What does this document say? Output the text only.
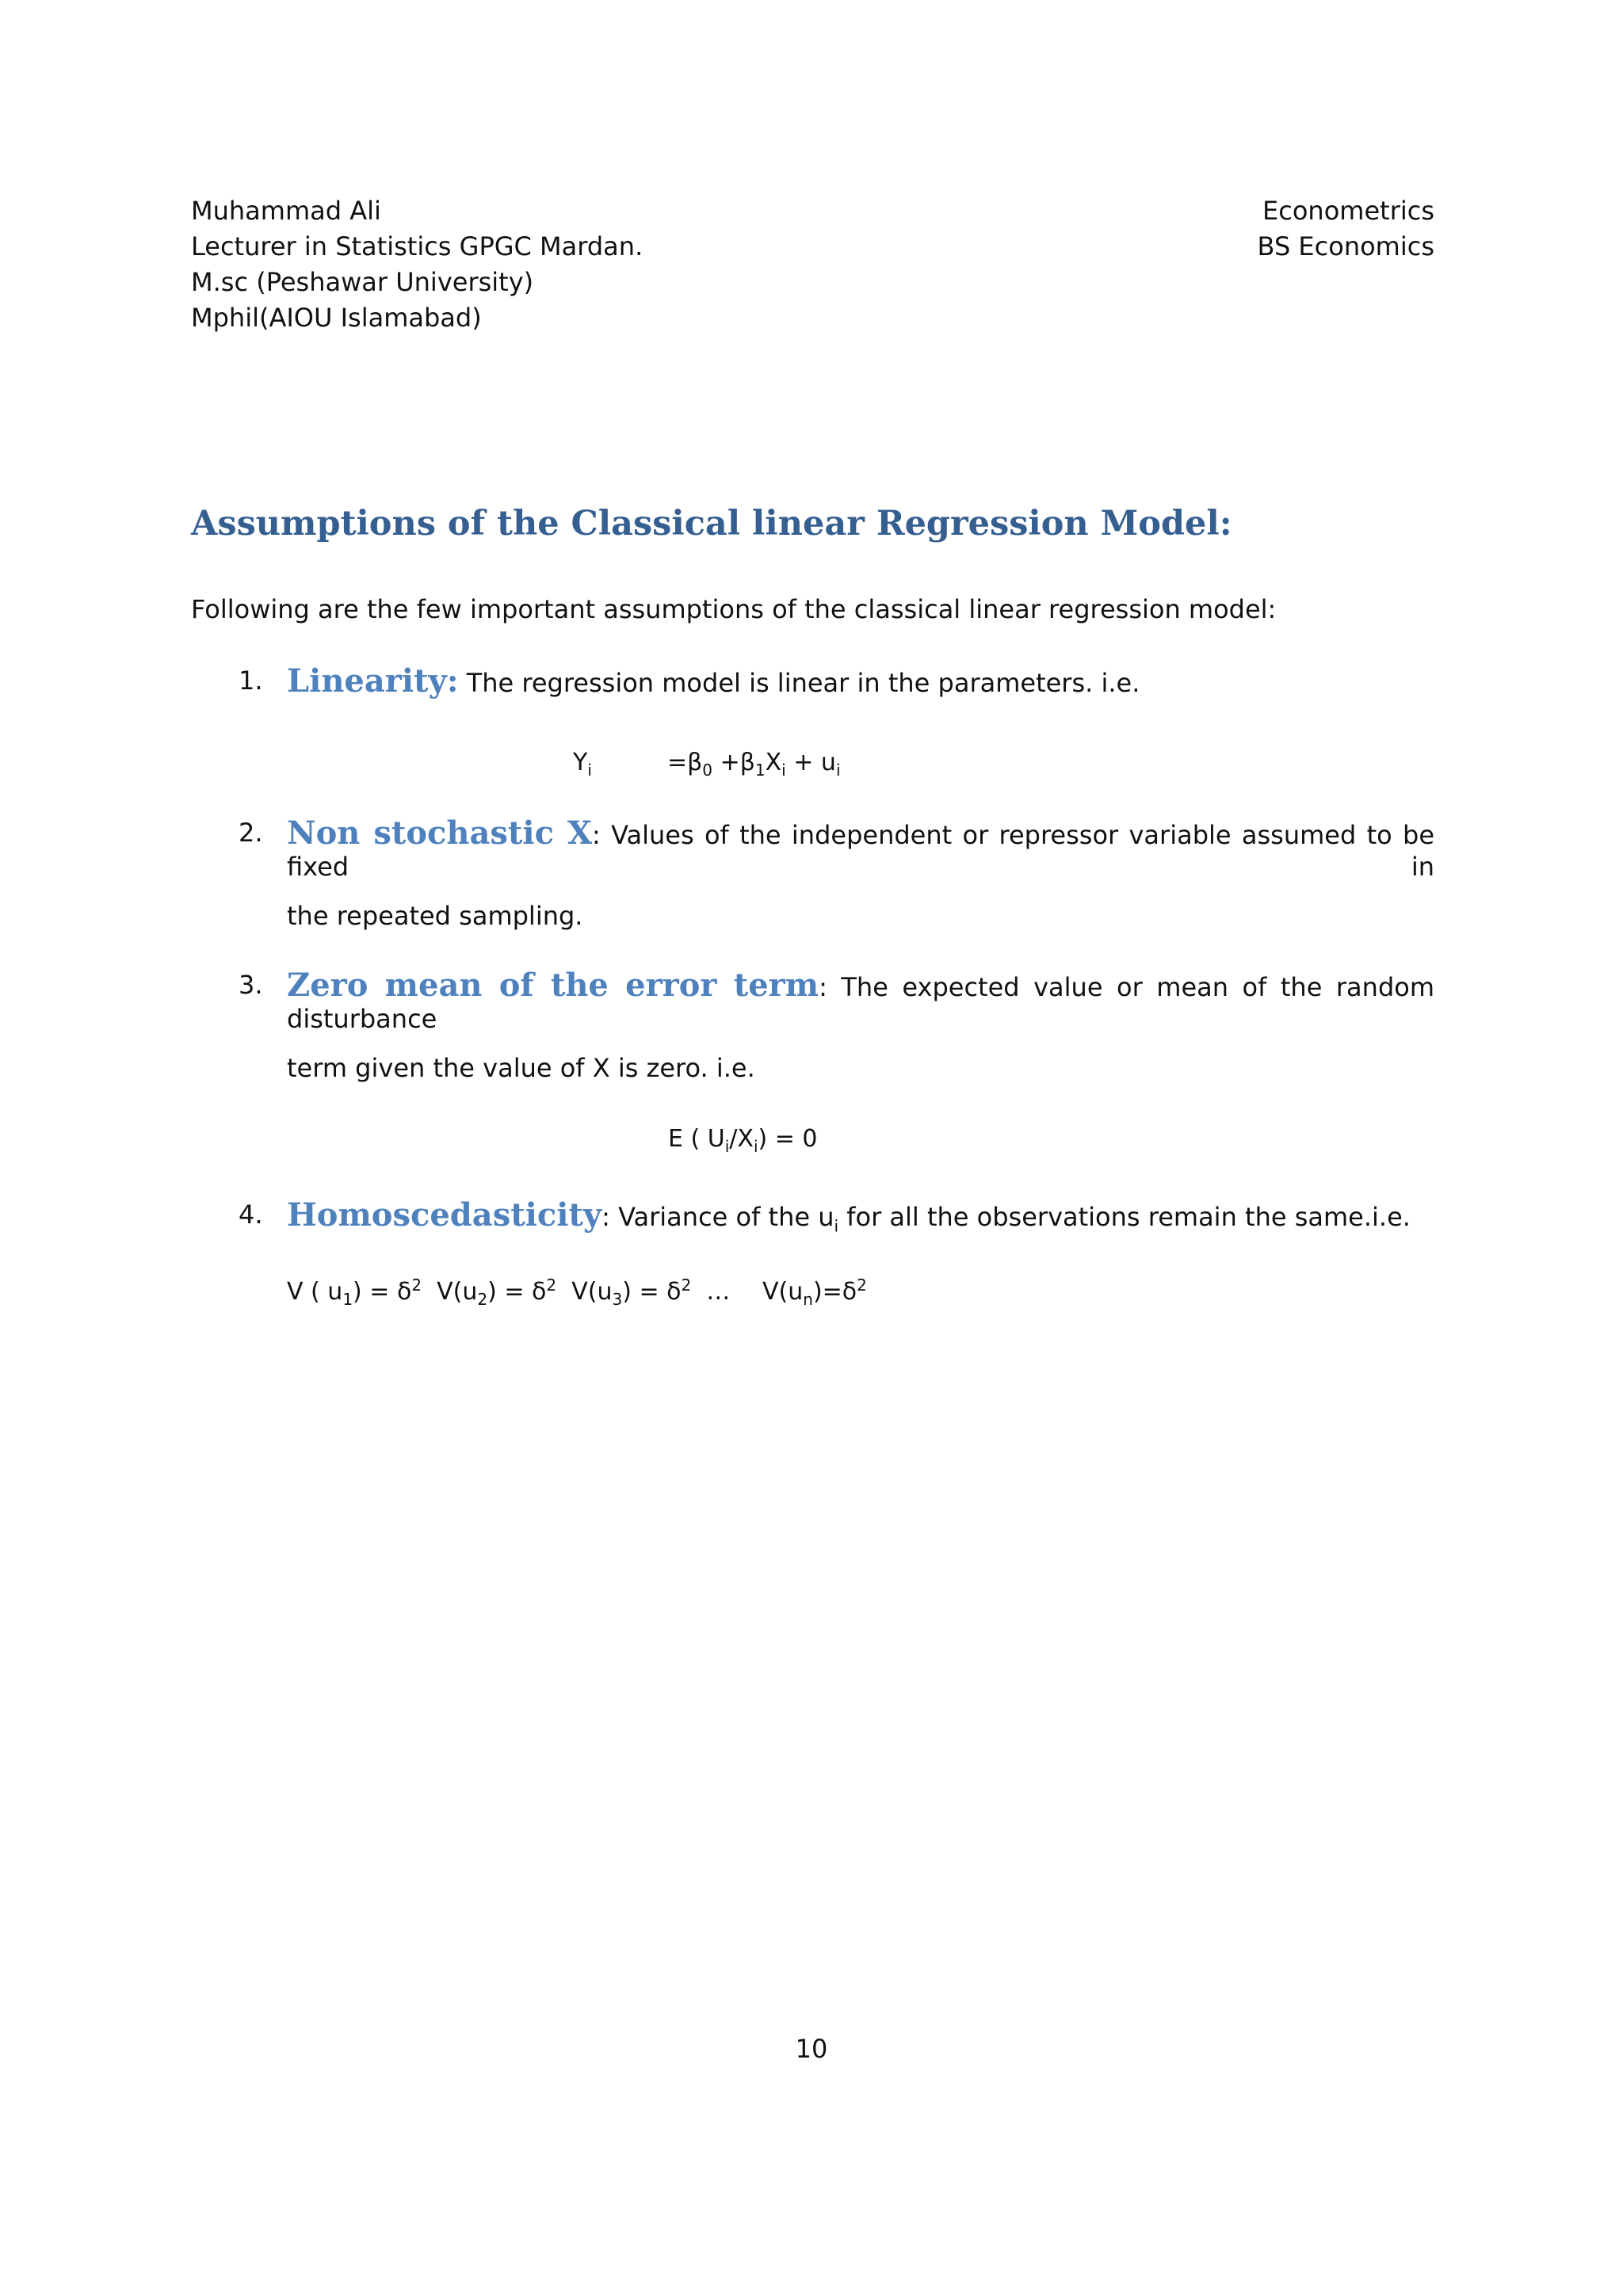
Muhammad Ali
Lecturer in Statistics GPGC Mardan.
M.sc (Peshawar University)
Mphil(AIOU Islamabad)
Econometrics
BS Economics
Assumptions of the Classical linear Regression Model:
Following are the few important assumptions of the classical linear regression model:
1. Linearity: The regression model is linear in the parameters. i.e.
$Y_i$	$=\beta_0 +\beta_1X_i + u_i$
2. Non stochastic X: Values of the independent or repressor variable assumed to be fixed in
the repeated sampling.
3. Zero mean of the error term: The expected value or mean of the random disturbance
term given the value of X is zero. i.e.
E ( $U_i/X_i) = 0$
4. Homoscedasticity: Variance of the $u_i$ for all the observations remain the same.i.e.
V ( $u_1) = \delta^2$ $V(u_2) = \delta^2$ $V(u_3) = \delta^2$ … $V(u_n)=\delta^2$
10
